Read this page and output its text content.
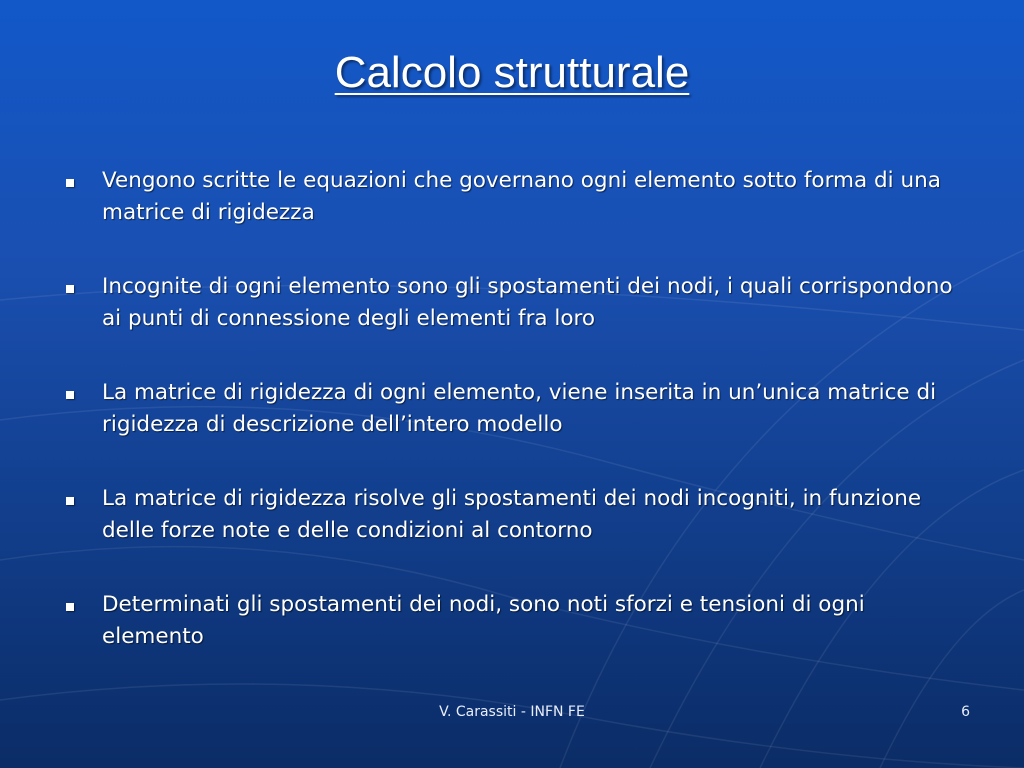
Calcolo strutturale
Vengono scritte le equazioni che governano ogni elemento sotto forma di una matrice di rigidezza
Incognite di ogni elemento sono gli spostamenti dei nodi, i quali corrispondono ai punti di connessione degli elementi fra loro
La matrice di rigidezza di ogni elemento, viene inserita in un’unica matrice di rigidezza di descrizione dell’intero modello
La matrice di rigidezza risolve gli spostamenti dei nodi incogniti, in funzione delle forze note e delle condizioni al contorno
Determinati gli spostamenti dei nodi, sono noti sforzi e tensioni di ogni elemento
V. Carassiti - INFN FE	6
